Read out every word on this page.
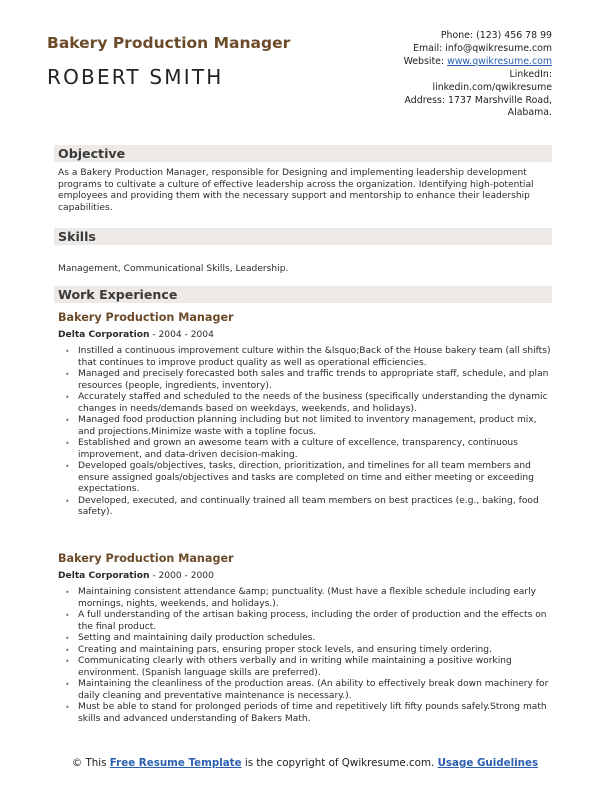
Bakery Production Manager
ROBERT SMITH
Phone: (123) 456 78 99
Email: info@qwikresume.com
Website: www.qwikresume.com
LinkedIn:
linkedin.com/qwikresume
Address: 1737 Marshville Road,
Alabama.
Objective
As a Bakery Production Manager, responsible for Designing and implementing leadership development programs to cultivate a culture of effective leadership across the organization. Identifying high-potential employees and providing them with the necessary support and mentorship to enhance their leadership capabilities.
Skills
Management, Communicational Skills, Leadership.
Work Experience
Bakery Production Manager
Delta Corporation - 2004 - 2004
• Instilled a continuous improvement culture within the &lsquo;Back of the House bakery team (all shifts) that continues to improve product quality as well as operational efficiencies.
• Managed and precisely forecasted both sales and traffic trends to appropriate staff, schedule, and plan resources (people, ingredients, inventory).
• Accurately staffed and scheduled to the needs of the business (specifically understanding the dynamic changes in needs/demands based on weekdays, weekends, and holidays).
• Managed food production planning including but not limited to inventory management, product mix, and projections.Minimize waste with a topline focus.
• Established and grown an awesome team with a culture of excellence, transparency, continuous improvement, and data-driven decision-making.
• Developed goals/objectives, tasks, direction, prioritization, and timelines for all team members and ensure assigned goals/objectives and tasks are completed on time and either meeting or exceeding expectations.
• Developed, executed, and continually trained all team members on best practices (e.g., baking, food safety).
Bakery Production Manager
Delta Corporation - 2000 - 2000
• Maintaining consistent attendance &amp; punctuality. (Must have a flexible schedule including early mornings, nights, weekends, and holidays.).
• A full understanding of the artisan baking process, including the order of production and the effects on the final product.
• Setting and maintaining daily production schedules.
• Creating and maintaining pars, ensuring proper stock levels, and ensuring timely ordering.
• Communicating clearly with others verbally and in writing while maintaining a positive working environment. (Spanish language skills are preferred).
• Maintaining the cleanliness of the production areas. (An ability to effectively break down machinery for daily cleaning and preventative maintenance is necessary.).
• Must be able to stand for prolonged periods of time and repetitively lift fifty pounds safely.Strong math skills and advanced understanding of Bakers Math.
© This Free Resume Template is the copyright of Qwikresume.com. Usage Guidelines
